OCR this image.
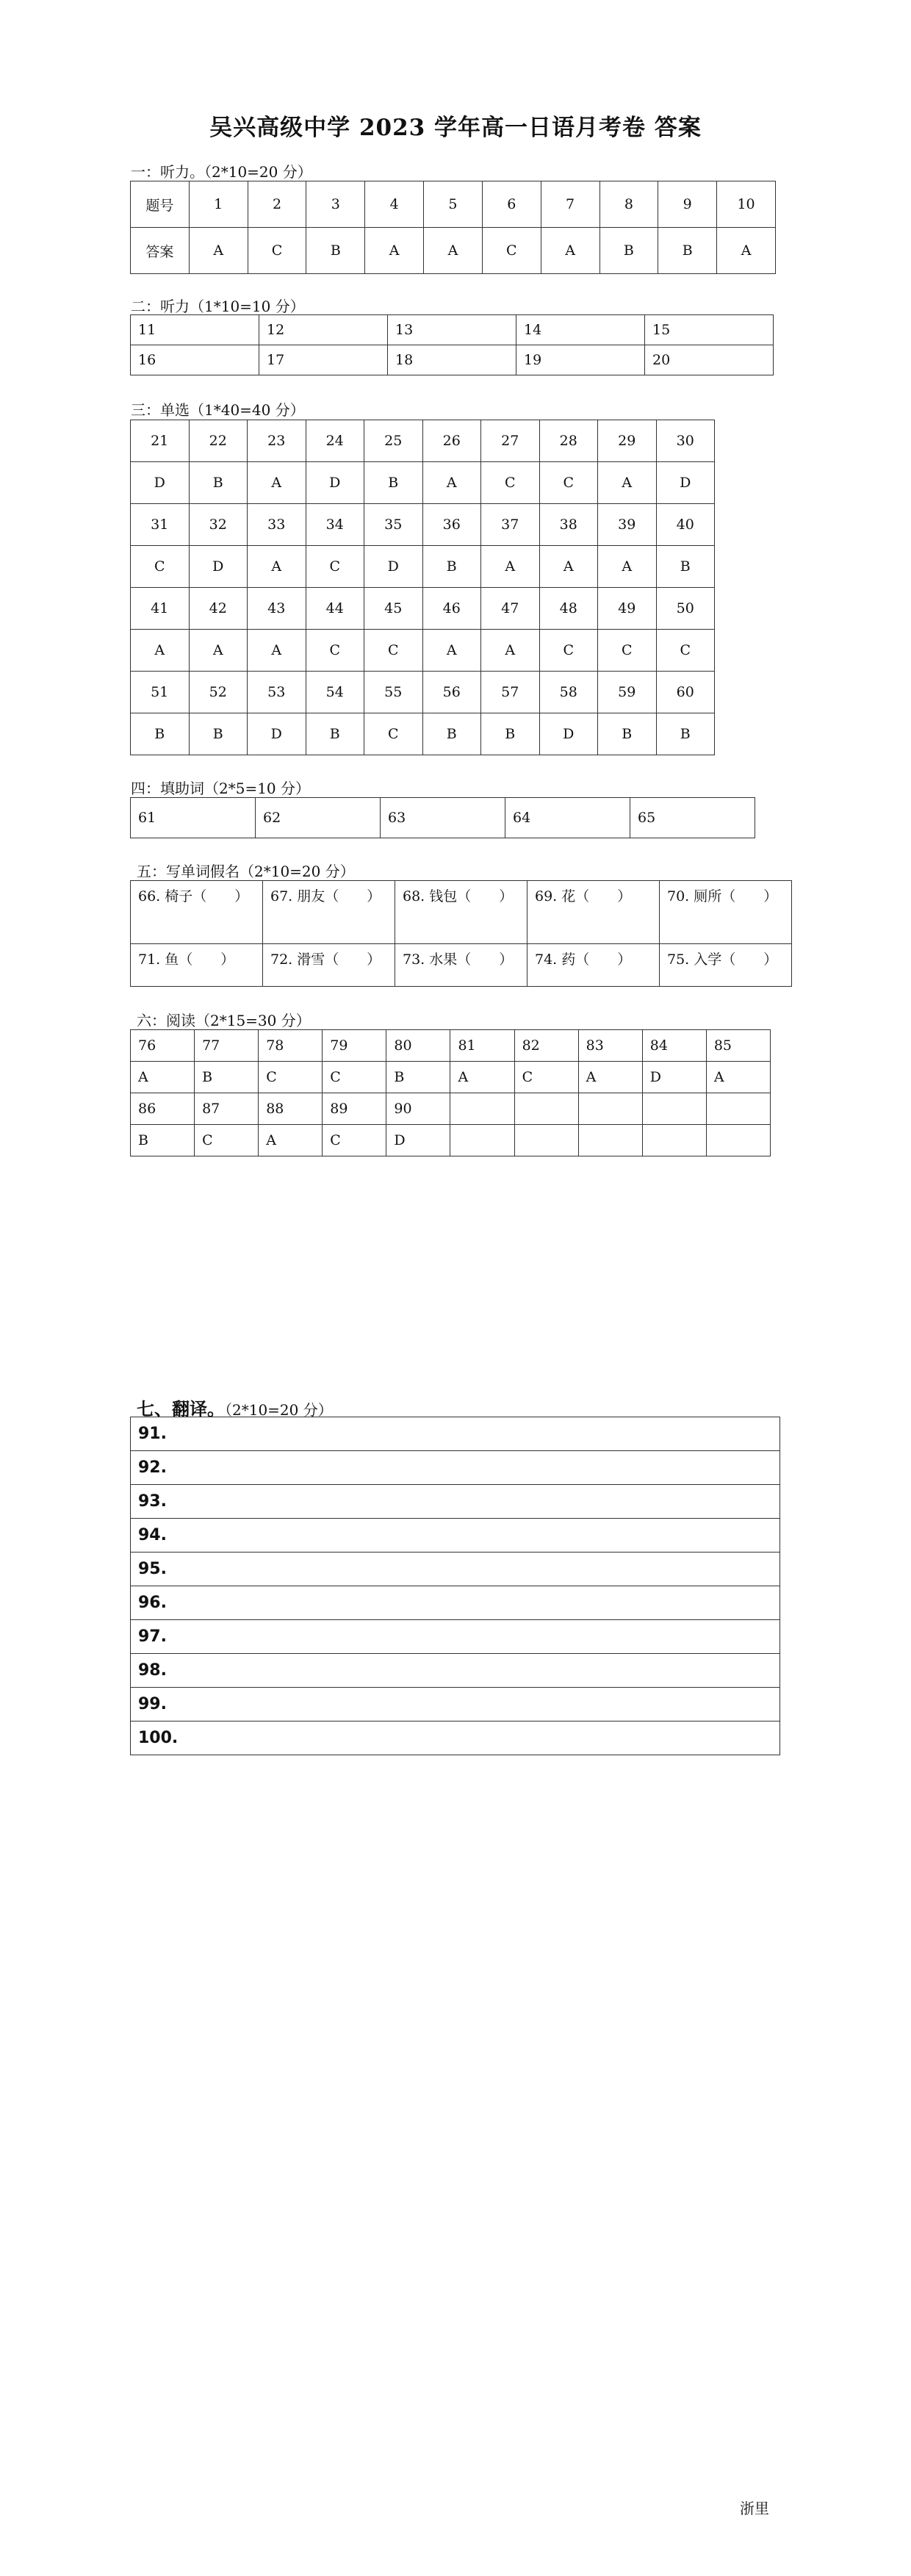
吴兴高级中学 2023 学年高一日语月考卷 答案
一：听力。（2*10=20 分）
题号	1	2	3	4	5	6	7	8	9	10
答案	A	C	B	A	A	C	A	B	B	A
二：听力（1*10=10 分）
11	12	13	14	15
16	17	18	19	20
三：单选（1*40=40 分）
21	22	23	24	25	26	27	28	29	30
D	B	A	D	B	A	C	C	A	D
31	32	33	34	35	36	37	38	39	40
C	D	A	C	D	B	A	A	A	B
41	42	43	44	45	46	47	48	49	50
A	A	A	C	C	A	A	C	C	C
51	52	53	54	55	56	57	58	59	60
B	B	D	B	C	B	B	D	B	B
四：填助词（2*5=10 分）
61	62	63	64	65
五：写单词假名（2*10=20 分）
66. 椅子（　　）	67. 朋友（　　）	68. 钱包（　　）	69. 花（　　）	70. 厕所（　　）
71. 鱼（　　）	72. 滑雪（　　）	73. 水果（　　）	74. 药（　　）	75. 入学（　　）
六：阅读（2*15=30 分）
76	77	78	79	80	81	82	83	84	85
A	B	C	C	B	A	C	A	D	A
86	87	88	89	90					
B	C	A	C	D					
七、翻译。（2*10=20 分）
91.
92.
93.
94.
95.
96.
97.
98.
99.
100.
浙里
